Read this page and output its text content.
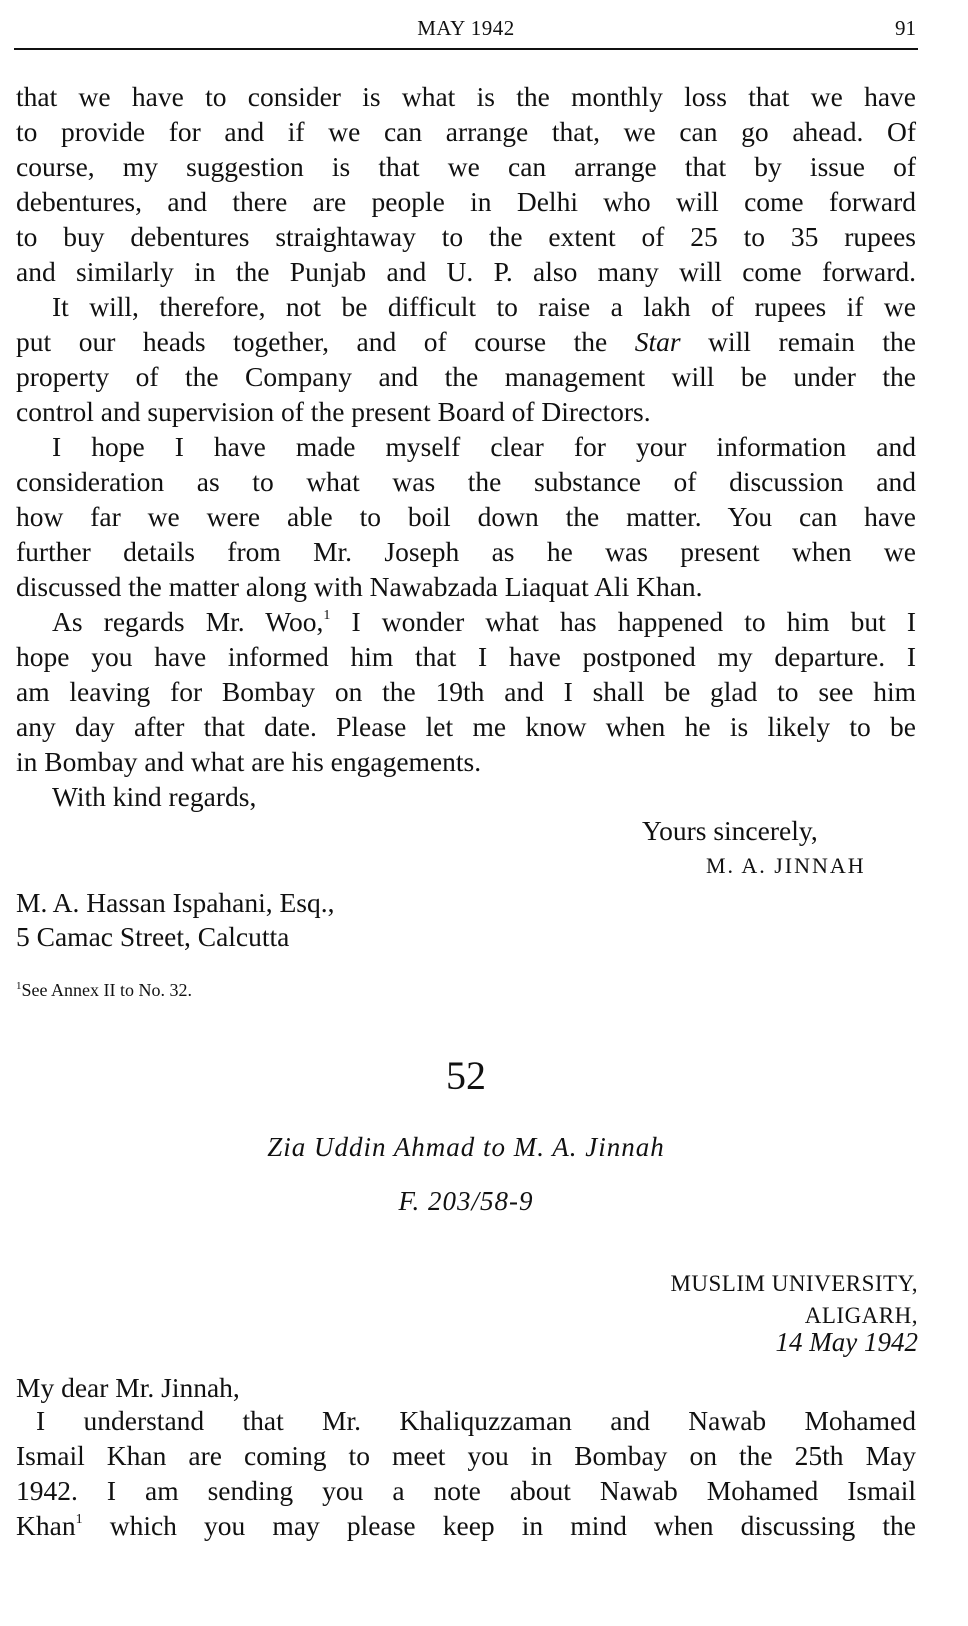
MAY 1942	91
that we have to consider is what is the monthly loss that we have
to provide for and if we can arrange that, we can go ahead. Of
course, my suggestion is that we can arrange that by issue of
debentures, and there are people in Delhi who will come forward
to buy debentures straightaway to the extent of 25 to 35 rupees
and similarly in the Punjab and U. P. also many will come forward.
It will, therefore, not be difficult to raise a lakh of rupees if we
put our heads together, and of course the Star will remain the
property of the Company and the management will be under the
control and supervision of the present Board of Directors.
I hope I have made myself clear for your information and
consideration as to what was the substance of discussion and
how far we were able to boil down the matter. You can have
further details from Mr. Joseph as he was present when we
discussed the matter along with Nawabzada Liaquat Ali Khan.
As regards Mr. Woo,$^1$ I wonder what has happened to him but I
hope you have informed him that I have postponed my departure. I
am leaving for Bombay on the 19th and I shall be glad to see him
any day after that date. Please let me know when he is likely to be
in Bombay and what are his engagements.
With kind regards,
Yours sincerely,
M. A. JINNAH
M. A. Hassan Ispahani, Esq.,
5 Camac Street, Calcutta
$^1$See Annex II to No. 32.
52
Zia Uddin Ahmad to M. A. Jinnah
F. 203/58-9
MUSLIM UNIVERSITY,
ALIGARH,
14 May 1942
My dear Mr. Jinnah,
I understand that Mr. Khaliquzzaman and Nawab Mohamed
Ismail Khan are coming to meet you in Bombay on the 25th May
1942. I am sending you a note about Nawab Mohamed Ismail
Khan$^1$ which you may please keep in mind when discussing the
